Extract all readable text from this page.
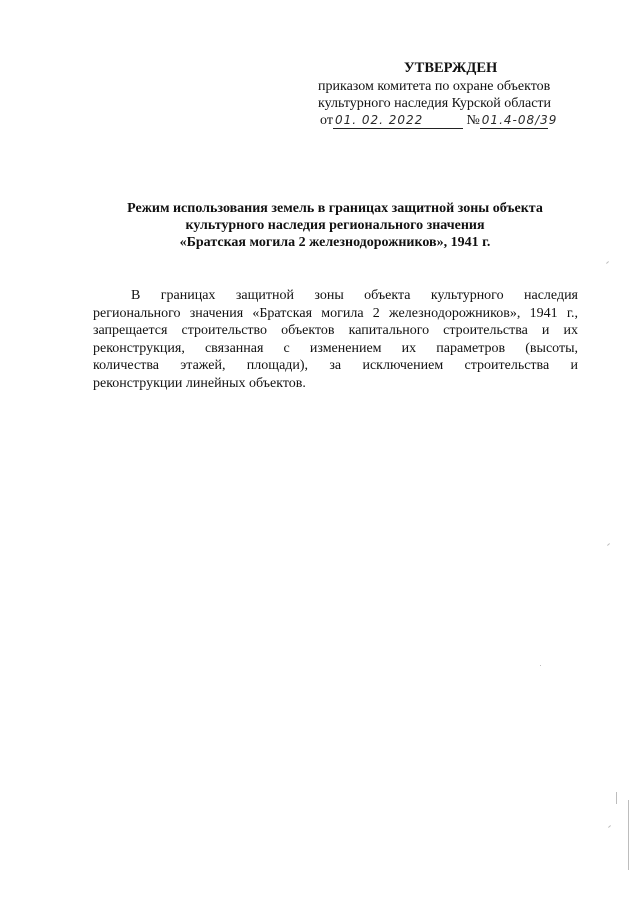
УТВЕРЖДЕН
приказом комитета по охране объектов
культурного наследия Курской области
от 01. 02. 2022	№ 01.4-08/39
Режим использования земель в границах защитной зоны объекта
культурного наследия регионального значения
«Братская могила 2 железнодорожников», 1941 г.
В границах защитной зоны объекта культурного наследия
регионального значения «Братская могила 2 железнодорожников», 1941 г.,
запрещается строительство объектов капитального строительства и их
реконструкция, связанная с изменением их параметров (высоты,
количества этажей, площади), за исключением строительства и
реконструкции линейных объектов.
